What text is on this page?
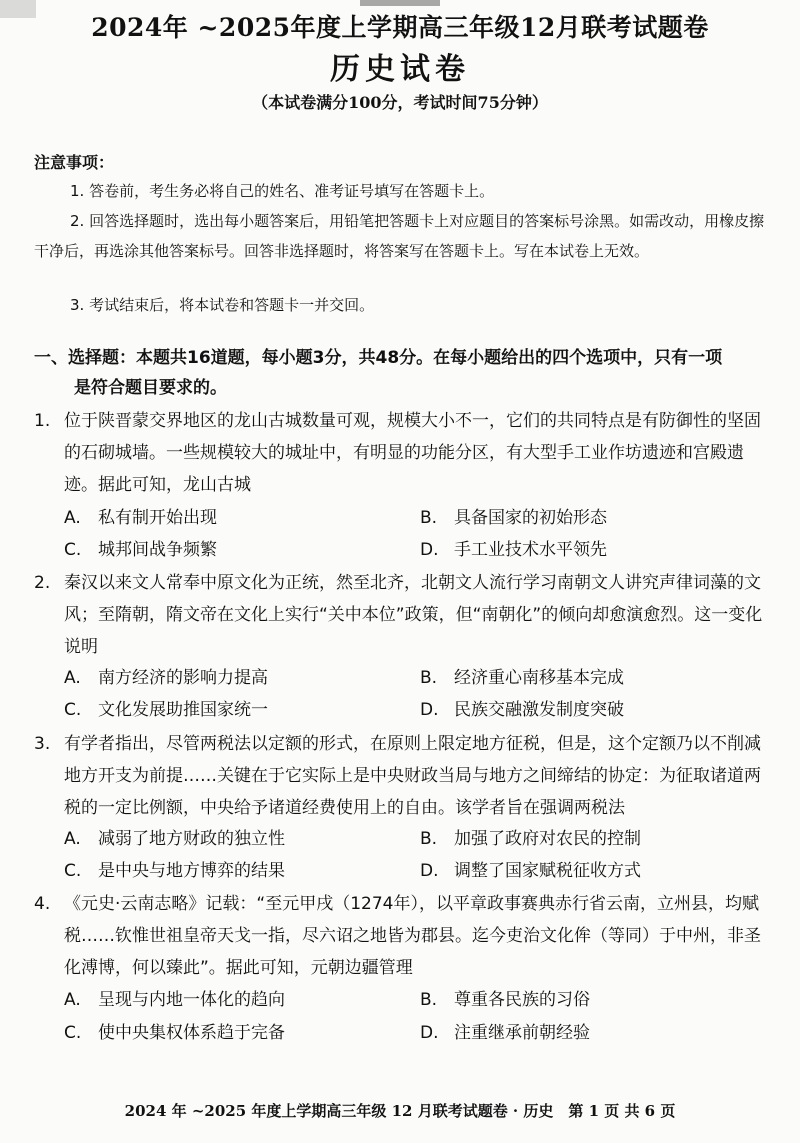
2024年 ~2025年度上学期高三年级12月联考试题卷
历史试卷
（本试卷满分100分，考试时间75分钟）
注意事项：
1. 答卷前，考生务必将自己的姓名、准考证号填写在答题卡上。
2. 回答选择题时，选出每小题答案后，用铅笔把答题卡上对应题目的答案标号涂黑。如需改动，用橡皮擦干净后，再选涂其他答案标号。回答非选择题时，将答案写在答题卡上。写在本试卷上无效。
3. 考试结束后，将本试卷和答题卡一并交回。
一、选择题：本题共16道题，每小题3分，共48分。在每小题给出的四个选项中，只有一项
是符合题目要求的。
1. 位于陕晋蒙交界地区的龙山古城数量可观，规模大小不一，它们的共同特点是有防御性的坚固的石砌城墙。一些规模较大的城址中，有明显的功能分区，有大型手工业作坊遗迹和宫殿遗迹。据此可知，龙山古城
A. 私有制开始出现	B. 具备国家的初始形态
C. 城邦间战争频繁	D. 手工业技术水平领先
2. 秦汉以来文人常奉中原文化为正统，然至北齐，北朝文人流行学习南朝文人讲究声律词藻的文风；至隋朝，隋文帝在文化上实行“关中本位”政策，但“南朝化”的倾向却愈演愈烈。这一变化说明
A. 南方经济的影响力提高	B. 经济重心南移基本完成
C. 文化发展助推国家统一	D. 民族交融激发制度突破
3. 有学者指出，尽管两税法以定额的形式，在原则上限定地方征税，但是，这个定额乃以不削减地方开支为前提……关键在于它实际上是中央财政当局与地方之间缔结的协定：为征取诸道两税的一定比例额，中央给予诸道经费使用上的自由。该学者旨在强调两税法
A. 减弱了地方财政的独立性	B. 加强了政府对农民的控制
C. 是中央与地方博弈的结果	D. 调整了国家赋税征收方式
4. 《元史·云南志略》记载：“至元甲戌（1274年），以平章政事赛典赤行省云南，立州县，均赋税……钦惟世祖皇帝天戈一指，尽六诏之地皆为郡县。迄今吏治文化侔（等同）于中州，非圣化溥博，何以臻此”。据此可知，元朝边疆管理
A. 呈现与内地一体化的趋向	B. 尊重各民族的习俗
C. 使中央集权体系趋于完备	D. 注重继承前朝经验
2024 年 ~2025 年度上学期高三年级 12 月联考试题卷 · 历史　第 1 页 共 6 页
